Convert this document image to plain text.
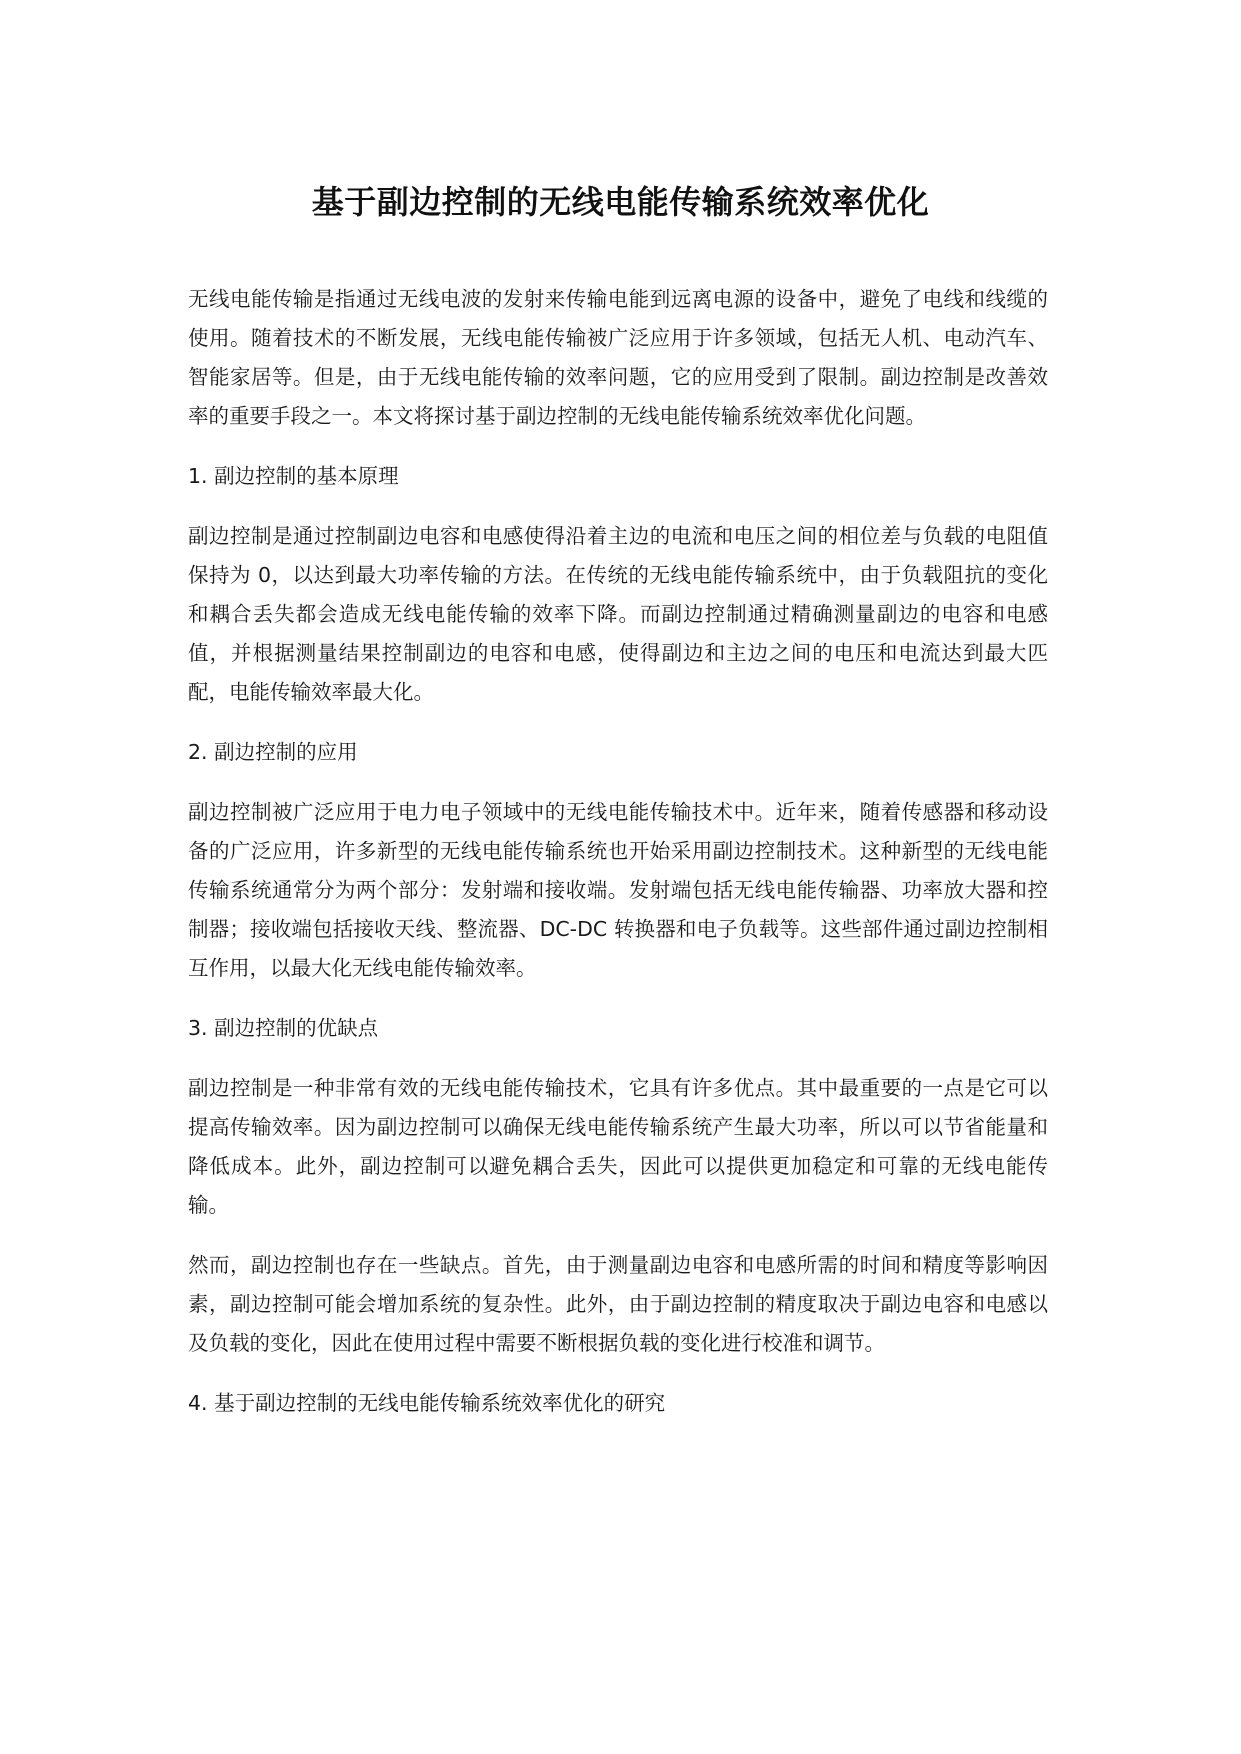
基于副边控制的无线电能传输系统效率优化

无线电能传输是指通过无线电波的发射来传输电能到远离电源的设备中，避免了电线和线缆的使用。随着技术的不断发展，无线电能传输被广泛应用于许多领域，包括无人机、电动汽车、智能家居等。但是，由于无线电能传输的效率问题，它的应用受到了限制。副边控制是改善效率的重要手段之一。本文将探讨基于副边控制的无线电能传输系统效率优化问题。

1. 副边控制的基本原理

副边控制是通过控制副边电容和电感使得沿着主边的电流和电压之间的相位差与负载的电阻值保持为 0，以达到最大功率传输的方法。在传统的无线电能传输系统中，由于负载阻抗的变化和耦合丢失都会造成无线电能传输的效率下降。而副边控制通过精确测量副边的电容和电感值，并根据测量结果控制副边的电容和电感，使得副边和主边之间的电压和电流达到最大匹配，电能传输效率最大化。

2. 副边控制的应用

副边控制被广泛应用于电力电子领域中的无线电能传输技术中。近年来，随着传感器和移动设备的广泛应用，许多新型的无线电能传输系统也开始采用副边控制技术。这种新型的无线电能传输系统通常分为两个部分：发射端和接收端。发射端包括无线电能传输器、功率放大器和控制器；接收端包括接收天线、整流器、DC-DC 转换器和电子负载等。这些部件通过副边控制相互作用，以最大化无线电能传输效率。

3. 副边控制的优缺点

副边控制是一种非常有效的无线电能传输技术，它具有许多优点。其中最重要的一点是它可以提高传输效率。因为副边控制可以确保无线电能传输系统产生最大功率，所以可以节省能量和降低成本。此外，副边控制可以避免耦合丢失，因此可以提供更加稳定和可靠的无线电能传输。

然而，副边控制也存在一些缺点。首先，由于测量副边电容和电感所需的时间和精度等影响因素，副边控制可能会增加系统的复杂性。此外，由于副边控制的精度取决于副边电容和电感以及负载的变化，因此在使用过程中需要不断根据负载的变化进行校准和调节。

4. 基于副边控制的无线电能传输系统效率优化的研究
